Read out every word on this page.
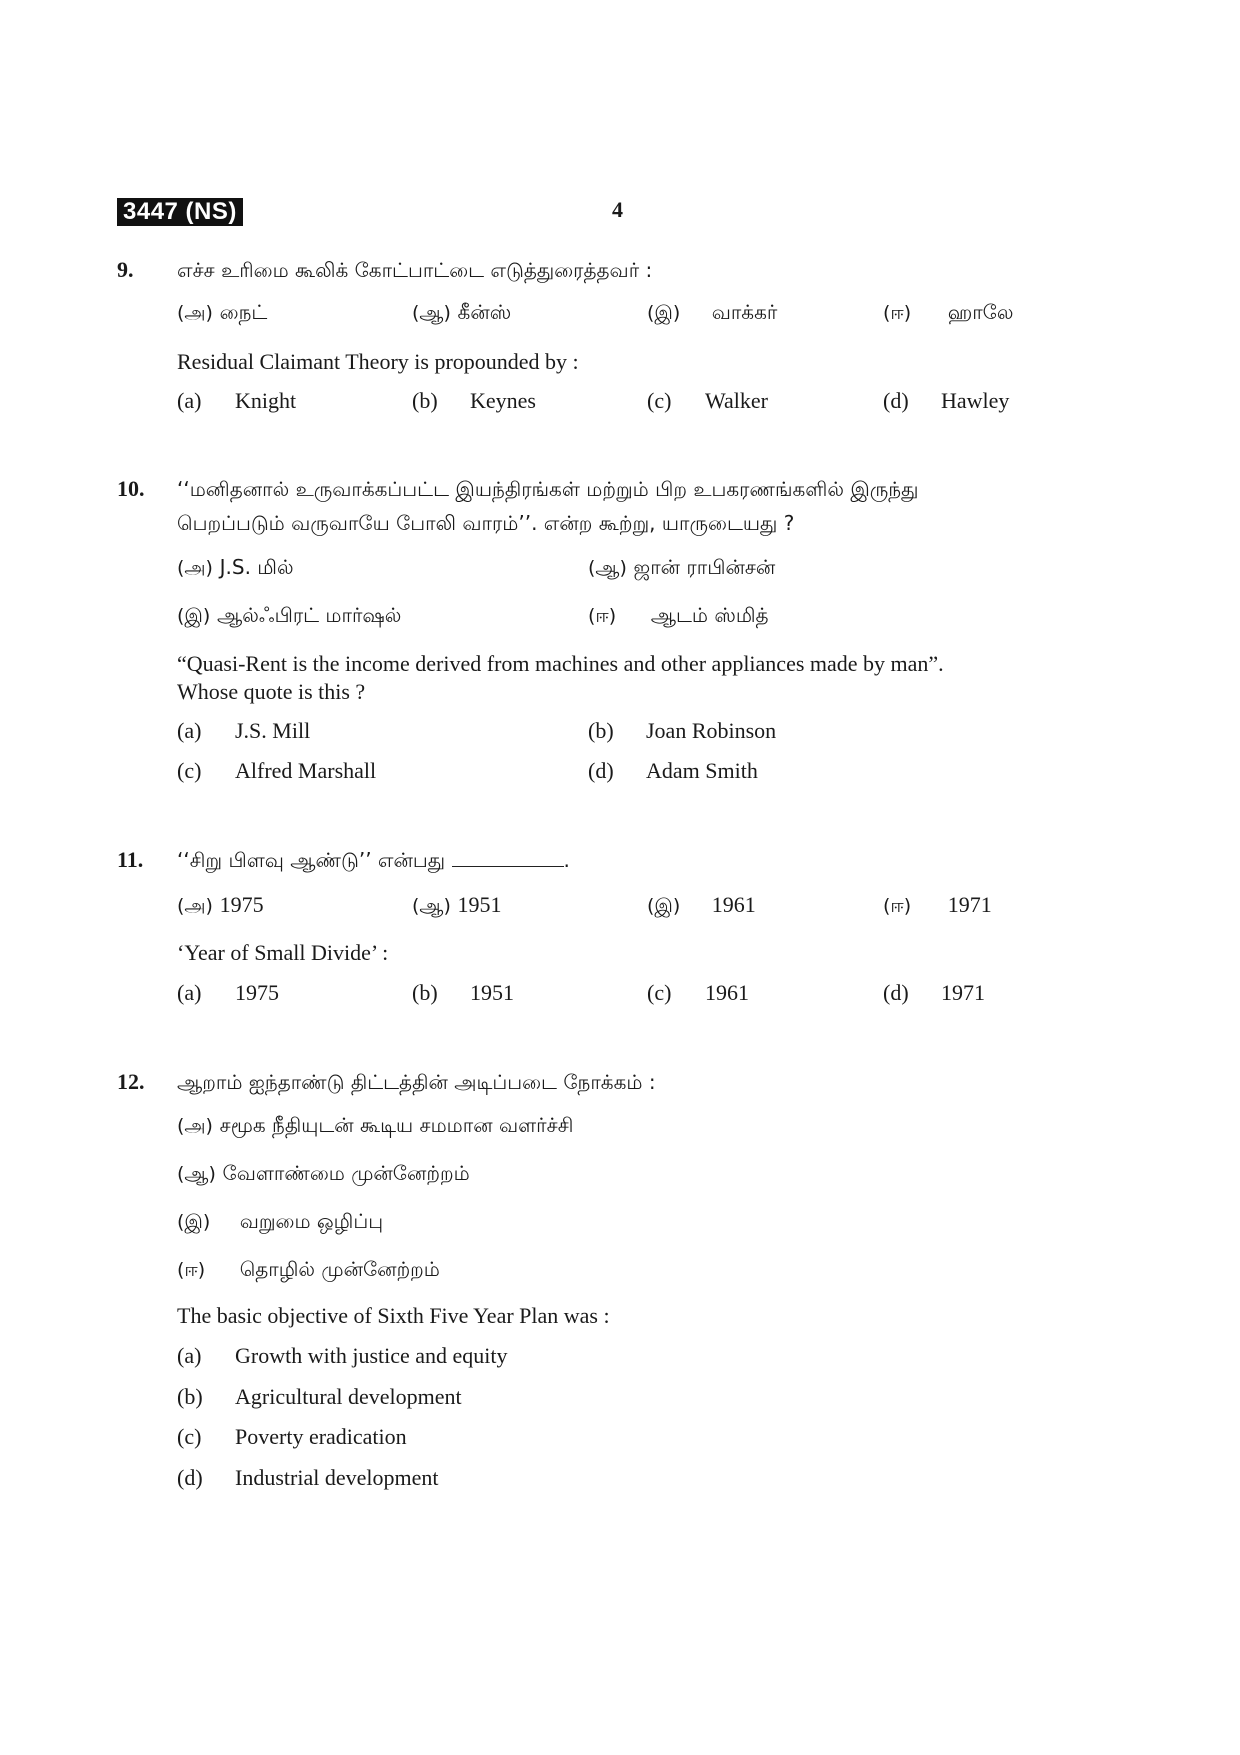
3447 (NS)	4
9. எச்ச உரிமை கூலிக் கோட்பாட்டை எடுத்துரைத்தவர் :
(அ) நைட்	(ஆ) கீன்ஸ்	(இ) வாக்கர்	(ஈ) ஹாலே
Residual Claimant Theory is propounded by :
(a) Knight	(b) Keynes	(c) Walker	(d) Hawley
10. ‘‘மனிதனால் உருவாக்கப்பட்ட இயந்திரங்கள் மற்றும் பிற உபகரணங்களில் இருந்து
பெறப்படும் வருவாயே போலி வாரம்’’. என்ற கூற்று, யாருடையது ?
(அ) J.S. மில்	(ஆ) ஜான் ராபின்சன்
(இ) ஆல்ஃபிரட் மார்ஷல்	(ஈ) ஆடம் ஸ்மித்
“Quasi-Rent is the income derived from machines and other appliances made by man”.
Whose quote is this ?
(a) J.S. Mill	(b) Joan Robinson
(c) Alfred Marshall	(d) Adam Smith
11. ‘‘சிறு பிளவு ஆண்டு’’ என்பது	.
(அ) 1975	(ஆ) 1951	(இ) 1961	(ஈ) 1971
‘Year of Small Divide’ :
(a) 1975	(b) 1951	(c) 1961	(d) 1971
12. ஆறாம் ஐந்தாண்டு திட்டத்தின் அடிப்படை நோக்கம் :
(அ) சமூக நீதியுடன் கூடிய சமமான வளர்ச்சி
(ஆ) வேளாண்மை முன்னேற்றம்
(இ) வறுமை ஒழிப்பு
(ஈ) தொழில் முன்னேற்றம்
The basic objective of Sixth Five Year Plan was :
(a) Growth with justice and equity
(b) Agricultural development
(c) Poverty eradication
(d) Industrial development
